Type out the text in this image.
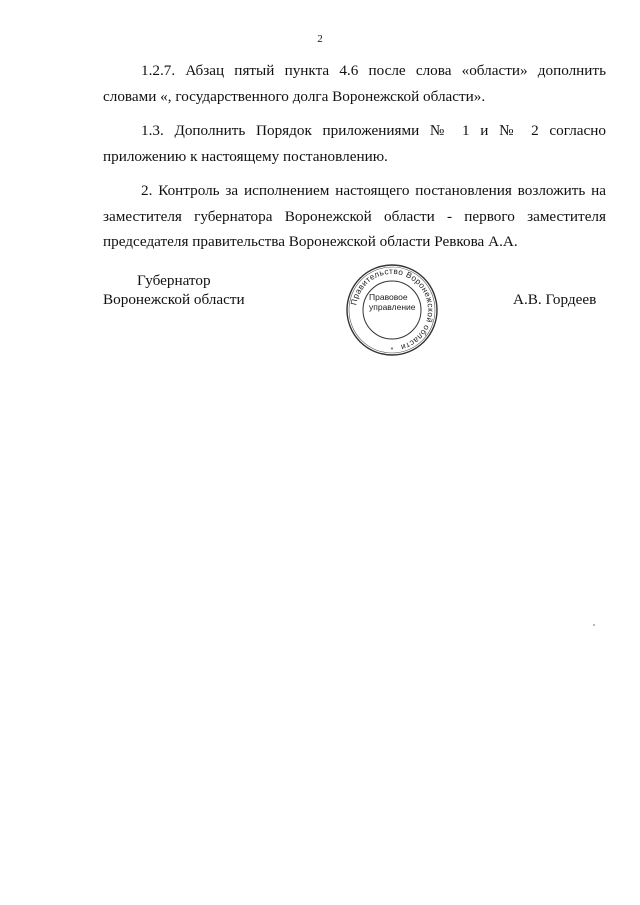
2

1.2.7. Абзац пятый пункта 4.6 после слова «области» дополнить словами «, государственного долга Воронежской области».

1.3. Дополнить Порядок приложениями № 1 и № 2 согласно приложению к настоящему постановлению.

2. Контроль за исполнением настоящего постановления возложить на заместителя губернатора Воронежской области - первого заместителя председателя правительства Воронежской области Ревкова А.А.

Губернатор
Воронежской области	Правительство Воронежской области
*
Правовое
управление	А.В. Гордеев
